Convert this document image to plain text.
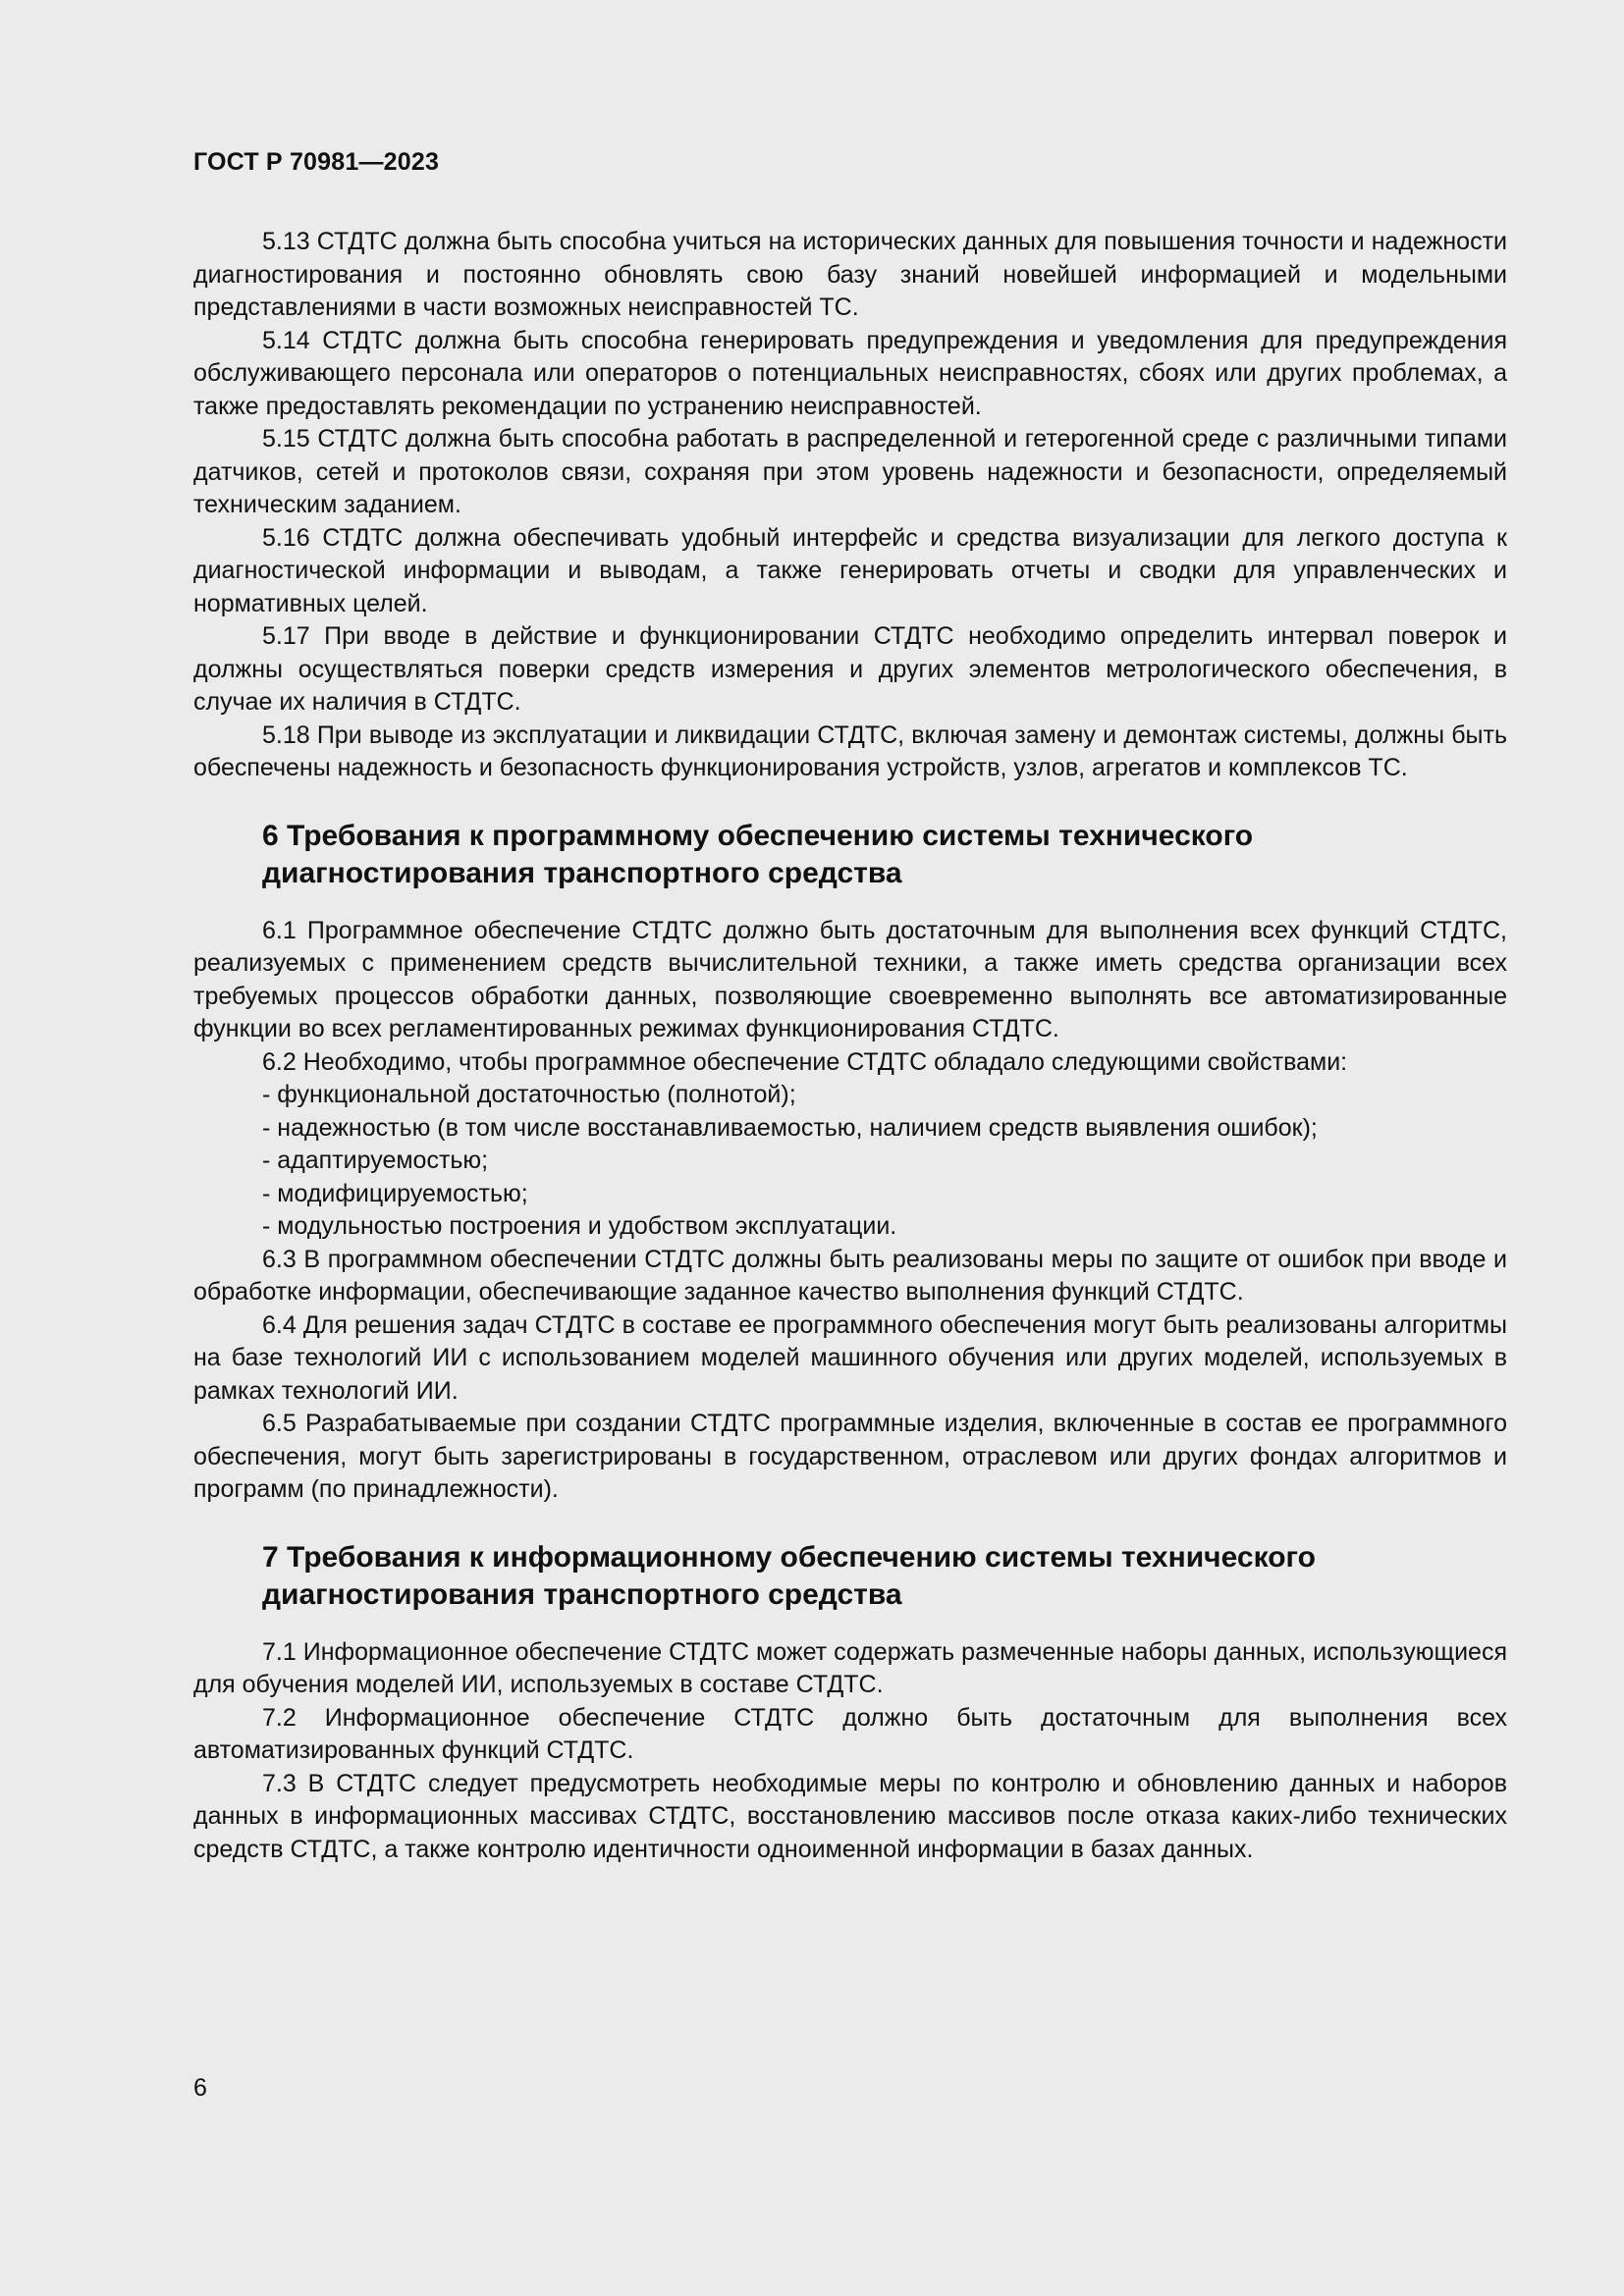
ГОСТ Р 70981—2023

5.13 СТДТС должна быть способна учиться на исторических данных для повышения точности и надежности диагностирования и постоянно обновлять свою базу знаний новейшей информацией и модельными представлениями в части возможных неисправностей ТС.

5.14 СТДТС должна быть способна генерировать предупреждения и уведомления для предупреждения обслуживающего персонала или операторов о потенциальных неисправностях, сбоях или других проблемах, а также предоставлять рекомендации по устранению неисправностей.

5.15 СТДТС должна быть способна работать в распределенной и гетерогенной среде с различными типами датчиков, сетей и протоколов связи, сохраняя при этом уровень надежности и безопасности, определяемый техническим заданием.

5.16 СТДТС должна обеспечивать удобный интерфейс и средства визуализации для легкого доступа к диагностической информации и выводам, а также генерировать отчеты и сводки для управленческих и нормативных целей.

5.17 При вводе в действие и функционировании СТДТС необходимо определить интервал поверок и должны осуществляться поверки средств измерения и других элементов метрологического обеспечения, в случае их наличия в СТДТС.

5.18 При выводе из эксплуатации и ликвидации СТДТС, включая замену и демонтаж системы, должны быть обеспечены надежность и безопасность функционирования устройств, узлов, агрегатов и комплексов ТС.

6 Требования к программному обеспечению системы технического диагностирования транспортного средства

6.1 Программное обеспечение СТДТС должно быть достаточным для выполнения всех функций СТДТС, реализуемых с применением средств вычислительной техники, а также иметь средства организации всех требуемых процессов обработки данных, позволяющие своевременно выполнять все автоматизированные функции во всех регламентированных режимах функционирования СТДТС.

6.2 Необходимо, чтобы программное обеспечение СТДТС обладало следующими свойствами:

- функциональной достаточностью (полнотой);

- надежностью (в том числе восстанавливаемостью, наличием средств выявления ошибок);

- адаптируемостью;

- модифицируемостью;

- модульностью построения и удобством эксплуатации.

6.3 В программном обеспечении СТДТС должны быть реализованы меры по защите от ошибок при вводе и обработке информации, обеспечивающие заданное качество выполнения функций СТДТС.

6.4 Для решения задач СТДТС в составе ее программного обеспечения могут быть реализованы алгоритмы на базе технологий ИИ с использованием моделей машинного обучения или других моделей, используемых в рамках технологий ИИ.

6.5 Разрабатываемые при создании СТДТС программные изделия, включенные в состав ее программного обеспечения, могут быть зарегистрированы в государственном, отраслевом или других фондах алгоритмов и программ (по принадлежности).

7 Требования к информационному обеспечению системы технического диагностирования транспортного средства

7.1 Информационное обеспечение СТДТС может содержать размеченные наборы данных, использующиеся для обучения моделей ИИ, используемых в составе СТДТС.

7.2 Информационное обеспечение СТДТС должно быть достаточным для выполнения всех автоматизированных функций СТДТС.

7.3 В СТДТС следует предусмотреть необходимые меры по контролю и обновлению данных и наборов данных в информационных массивах СТДТС, восстановлению массивов после отказа каких-либо технических средств СТДТС, а также контролю идентичности одноименной информации в базах данных.

6
